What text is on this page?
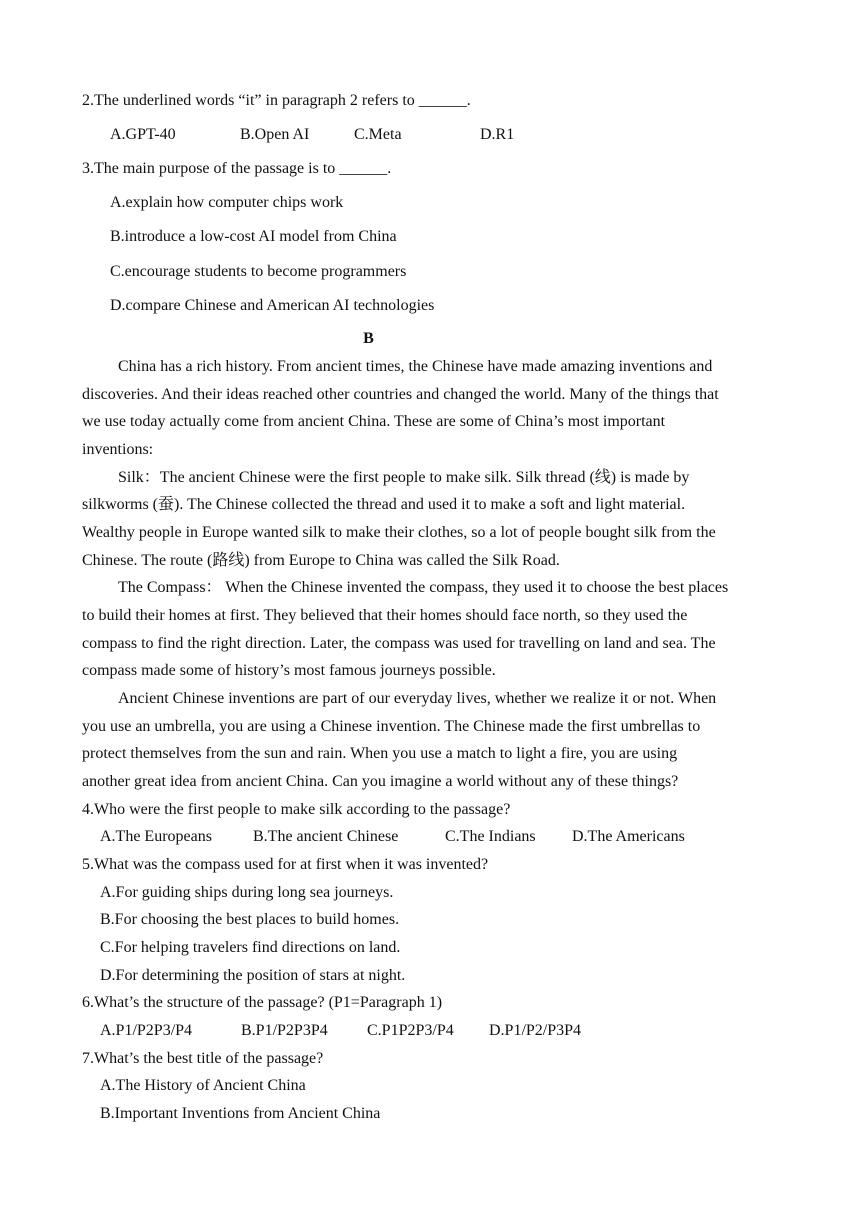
2.The underlined words “it” in paragraph 2 refers to ______.
A.GPT-40	B.Open AI	C.Meta	D.R1
3.The main purpose of the passage is to ______.
A.explain how computer chips work
B.introduce a low-cost AI model from China
C.encourage students to become programmers
D.compare Chinese and American AI technologies
B
China has a rich history. From ancient times, the Chinese have made amazing inventions and
discoveries. And their ideas reached other countries and changed the world. Many of the things that
we use today actually come from ancient China. These are some of China’s most important
inventions:
Silk：The ancient Chinese were the first people to make silk. Silk thread (线) is made by
silkworms (蚕). The Chinese collected the thread and used it to make a soft and light material.
Wealthy people in Europe wanted silk to make their clothes, so a lot of people bought silk from the
Chinese. The route (路线) from Europe to China was called the Silk Road.
The Compass： When the Chinese invented the compass, they used it to choose the best places
to build their homes at first. They believed that their homes should face north, so they used the
compass to find the right direction. Later, the compass was used for travelling on land and sea. The
compass made some of history’s most famous journeys possible.
Ancient Chinese inventions are part of our everyday lives, whether we realize it or not. When
you use an umbrella, you are using a Chinese invention. The Chinese made the first umbrellas to
protect themselves from the sun and rain. When you use a match to light a fire, you are using
another great idea from ancient China. Can you imagine a world without any of these things?
4.Who were the first people to make silk according to the passage?
A.The Europeans	B.The ancient Chinese	C.The Indians D.The Americans
5.What was the compass used for at first when it was invented?
A.For guiding ships during long sea journeys.
B.For choosing the best places to build homes.
C.For helping travelers find directions on land.
D.For determining the position of stars at night.
6.What’s the structure of the passage? (P1=Paragraph 1)
A.P1/P2P3/P4	B.P1/P2P3P4 C.P1P2P3/P4 D.P1/P2/P3P4
7.What’s the best title of the passage?
A.The History of Ancient China
B.Important Inventions from Ancient China
